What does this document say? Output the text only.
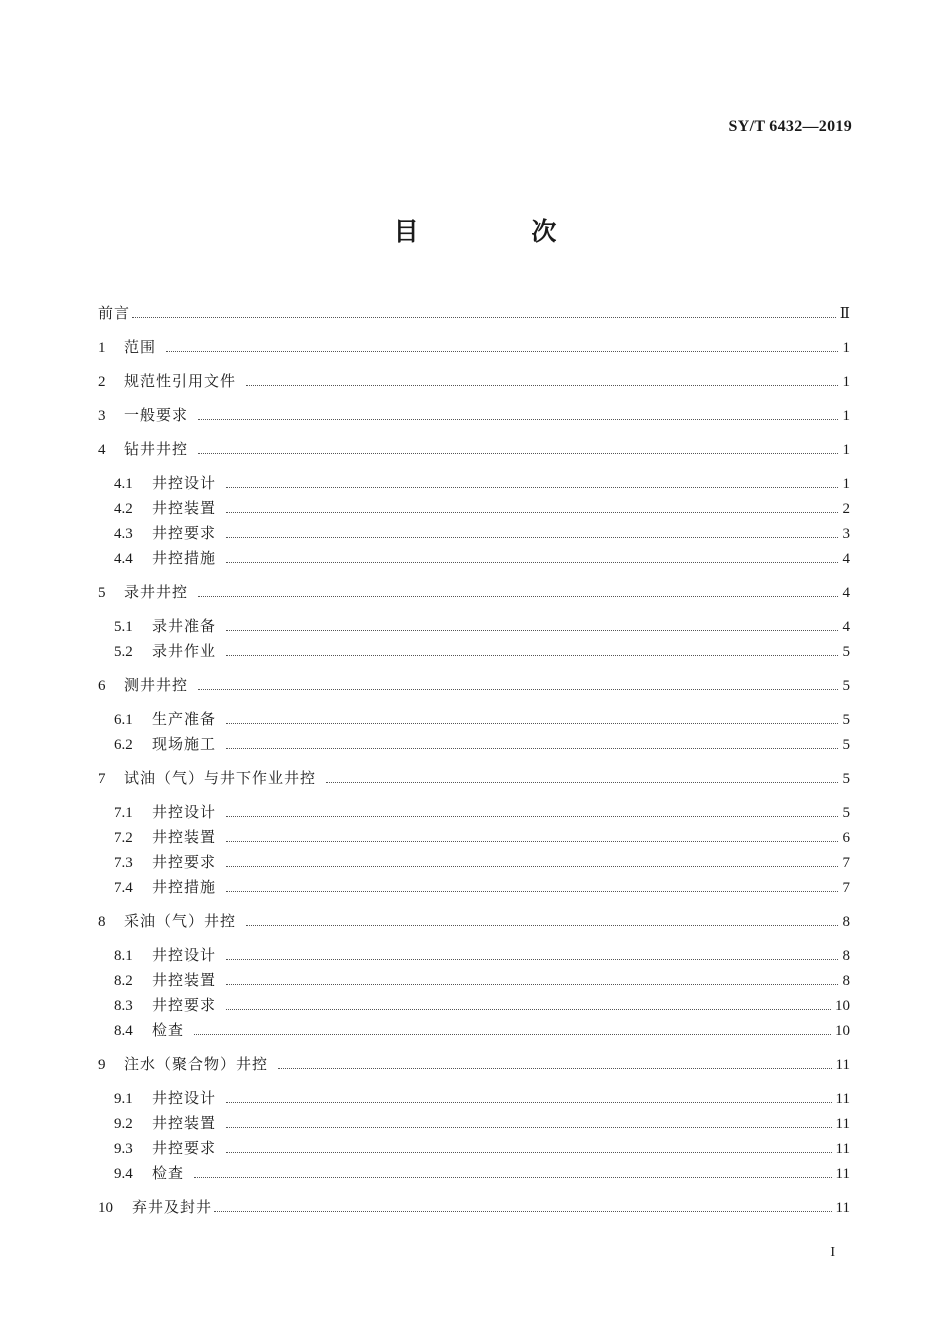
SY/T 6432—2019
目 次
前言	Ⅱ
1	范围	1
2	规范性引用文件	1
3	一般要求	1
4	钻井井控	1
4.1	井控设计	1
4.2	井控装置	2
4.3	井控要求	3
4.4	井控措施	4
5	录井井控	4
5.1	录井准备	4
5.2	录井作业	5
6	测井井控	5
6.1	生产准备	5
6.2	现场施工	5
7	试油（气）与井下作业井控	5
7.1	井控设计	5
7.2	井控装置	6
7.3	井控要求	7
7.4	井控措施	7
8	采油（气）井控	8
8.1	井控设计	8
8.2	井控装置	8
8.3	井控要求	10
8.4	检查	10
9	注水（聚合物）井控	11
9.1	井控设计	11
9.2	井控装置	11
9.3	井控要求	11
9.4	检查	11
10	弃井及封井	11
I
